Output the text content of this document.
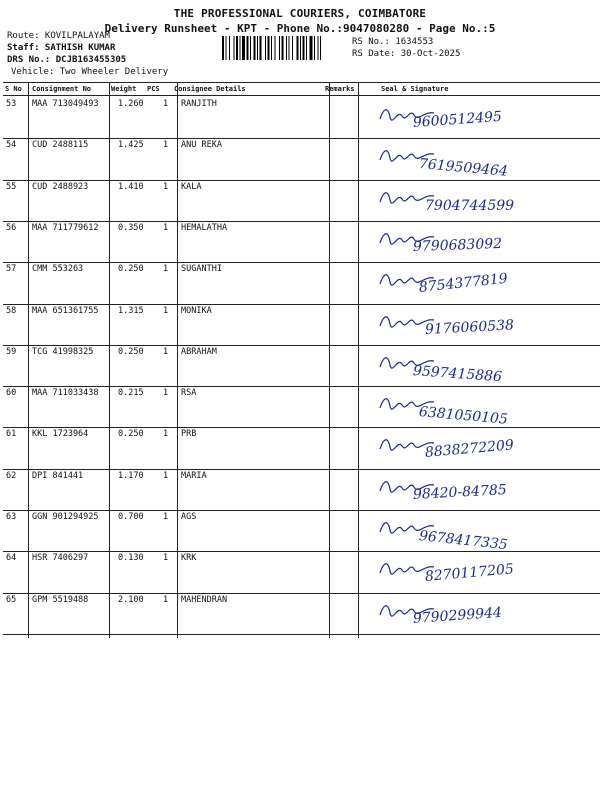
THE PROFESSIONAL COURIERS, COIMBATORE
Delivery Runsheet - KPT - Phone No.:9047080280 - Page No.:5
Route: KOVILPALAYAM
Staff: SATHISH KUMAR
DRS No.: DCJB163455305
Vehicle: Two Wheeler Delivery
RS No.: 1634553
RS Date: 30-Oct-2025
S No Consignment No	Weight PCS Consignee Details	Remarks	Seal & Signature
53 MAA 713049493 1.260 1 RANJITH
9600512495
54 CUD 2488115	1.425 1 ANU REKA
7619509464
55 CUD 2488923	1.410 1 KALA
7904744599
56 MAA 711779612 0.350 1 HEMALATHA
9790683092
57 CMM 553263	0.250 1 SUGANTHI
8754377819
58 MAA 651361755 1.315 1 MONIKA
9176060538
59 TCG 41998325	0.250 1 ABRAHAM
9597415886
60 MAA 711033438 0.215 1 RSA
6381050105
61 KKL 1723964	0.250 1 PRB
8838272209
62 DPI 841441	1.170 1 MARIA
98420-84785
63 GGN 901294925 0.700 1 AGS
9678417335
64 HSR 7406297	0.130 1 KRK
8270117205
65 GPM 5519488	2.100 1 MAHENDRAN
9790299944
